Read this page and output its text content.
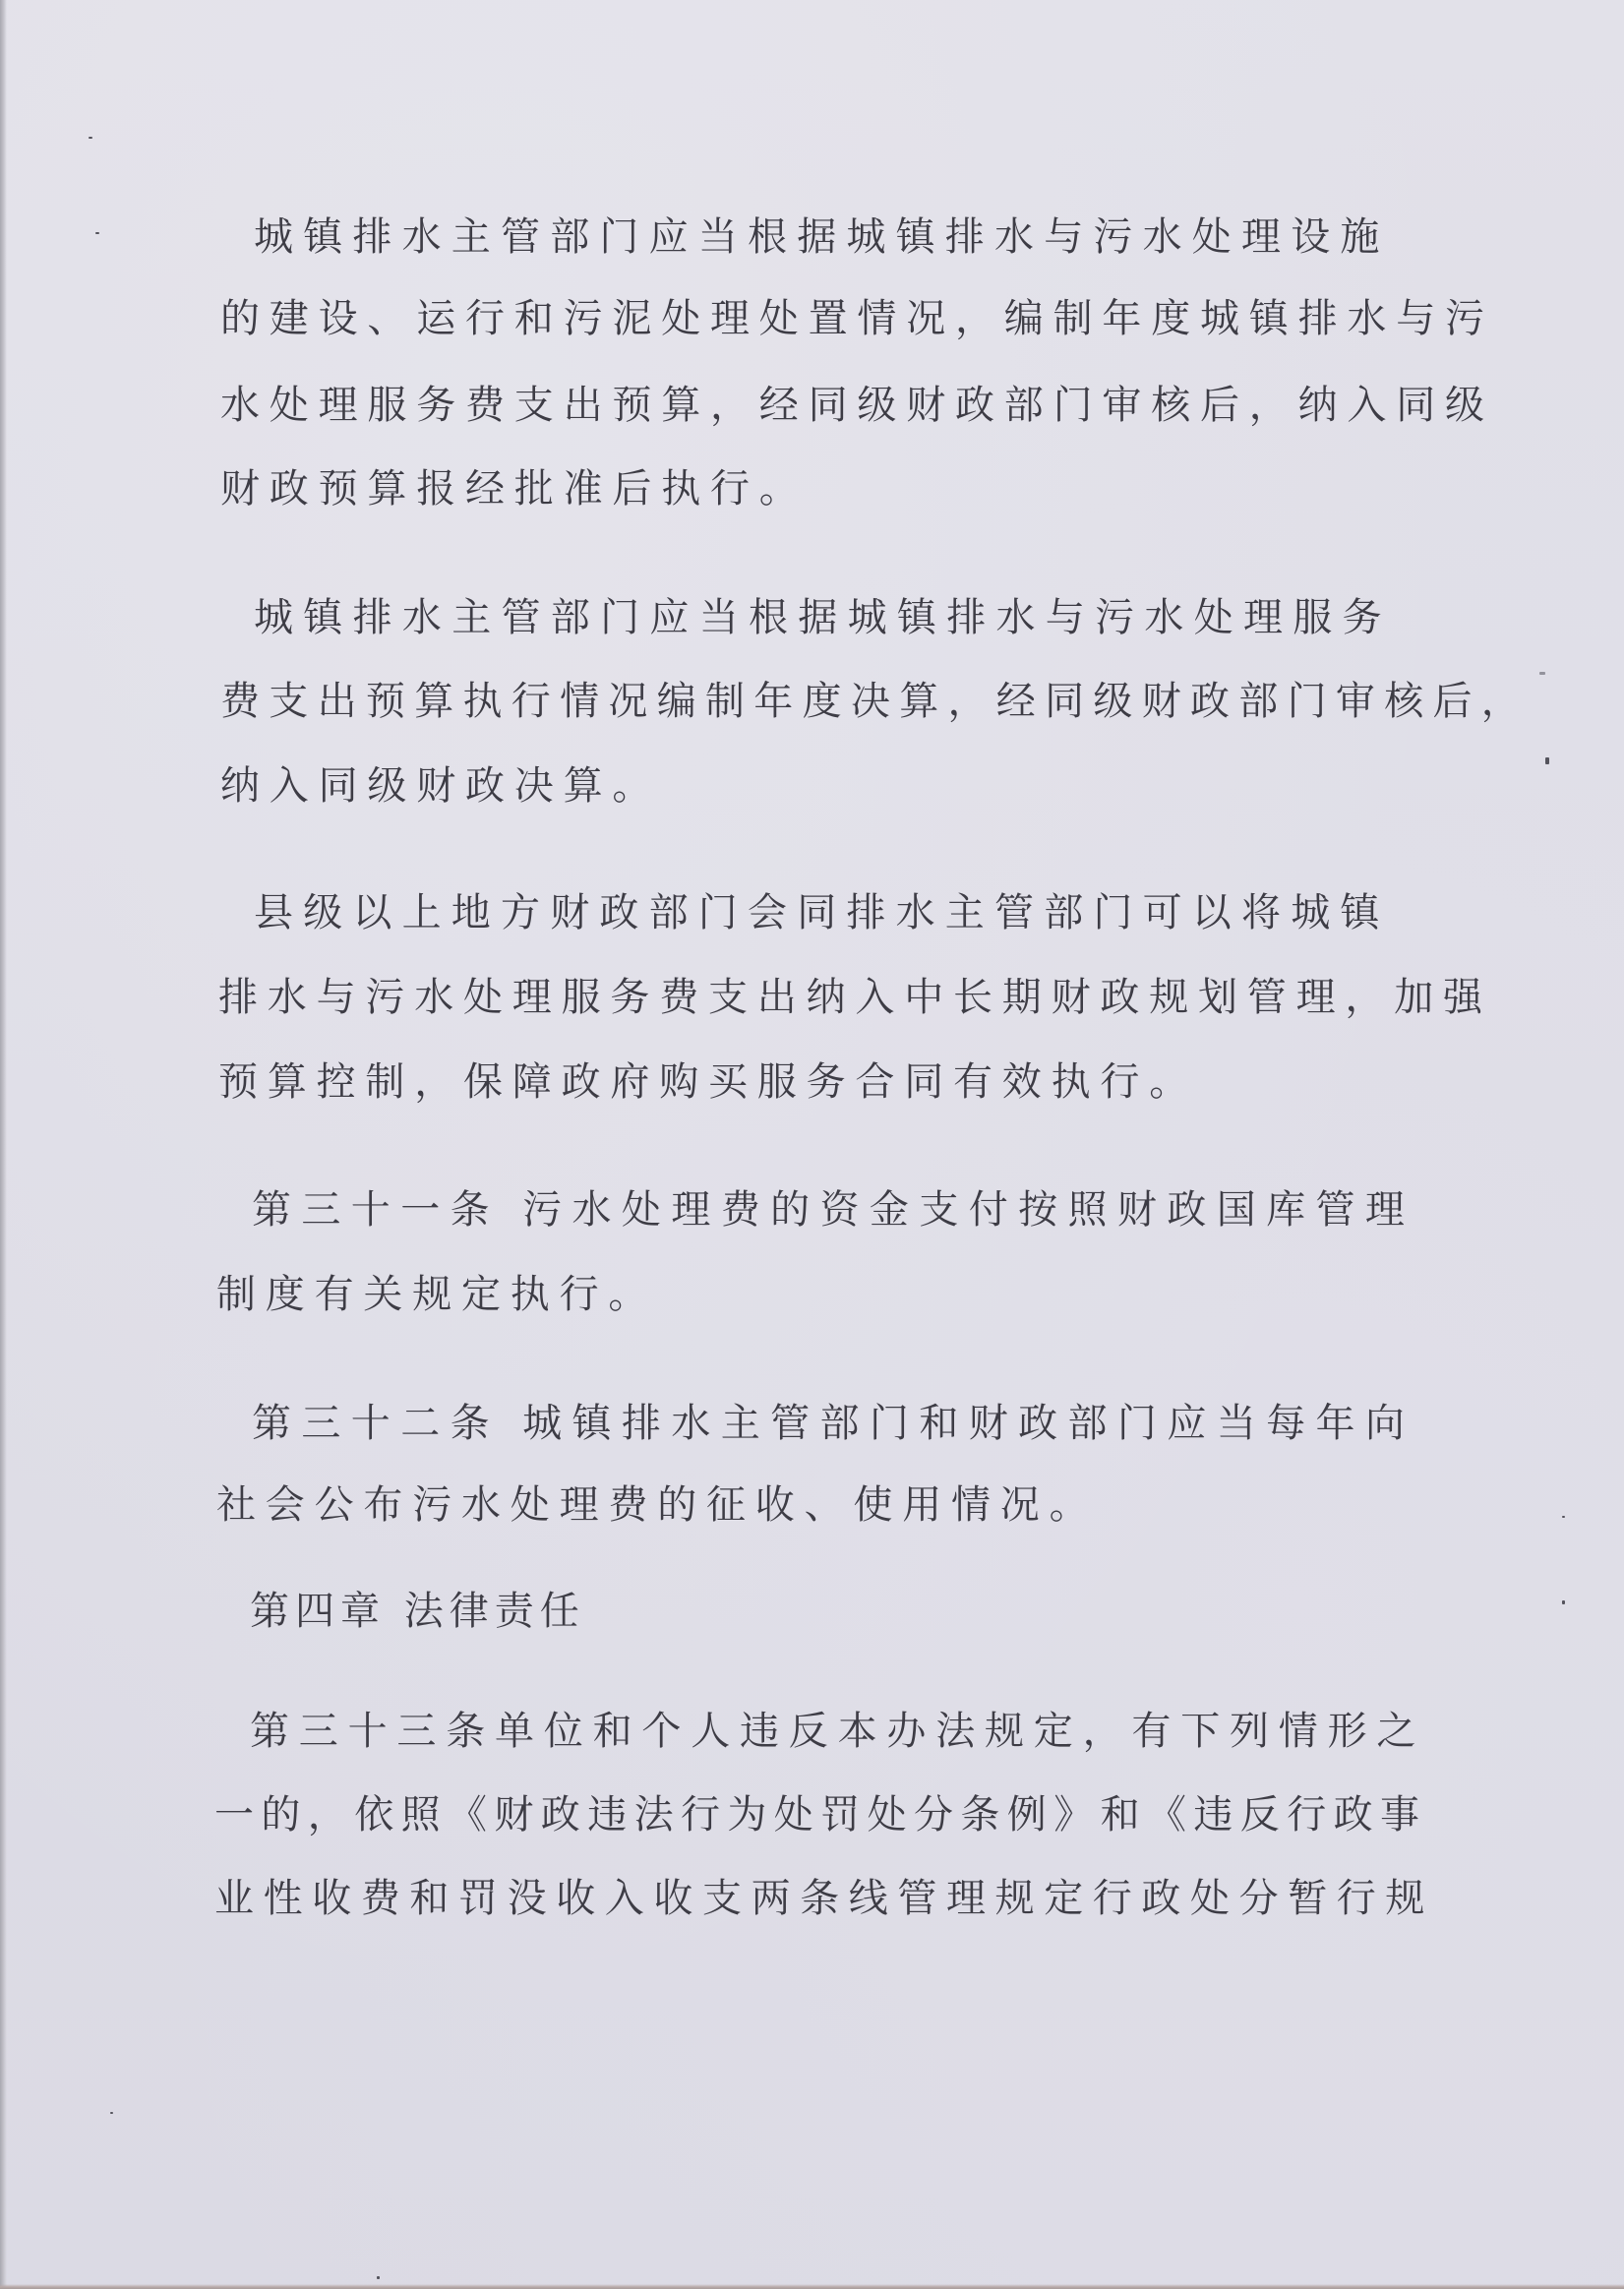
城镇排水主管部门应当根据城镇排水与污水处理设施
的建设、运行和污泥处理处置情况，编制年度城镇排水与污
水处理服务费支出预算，经同级财政部门审核后，纳入同级
财政预算报经批准后执行。
城镇排水主管部门应当根据城镇排水与污水处理服务
费支出预算执行情况编制年度决算，经同级财政部门审核后，
纳入同级财政决算。
县级以上地方财政部门会同排水主管部门可以将城镇
排水与污水处理服务费支出纳入中长期财政规划管理，加强
预算控制，保障政府购买服务合同有效执行。
第三十一条 污水处理费的资金支付按照财政国库管理
制度有关规定执行。
第三十二条 城镇排水主管部门和财政部门应当每年向
社会公布污水处理费的征收、使用情况。
第四章 法律责任
第三十三条单位和个人违反本办法规定，有下列情形之
一的，依照《财政违法行为处罚处分条例》和《违反行政事
业性收费和罚没收入收支两条线管理规定行政处分暂行规
